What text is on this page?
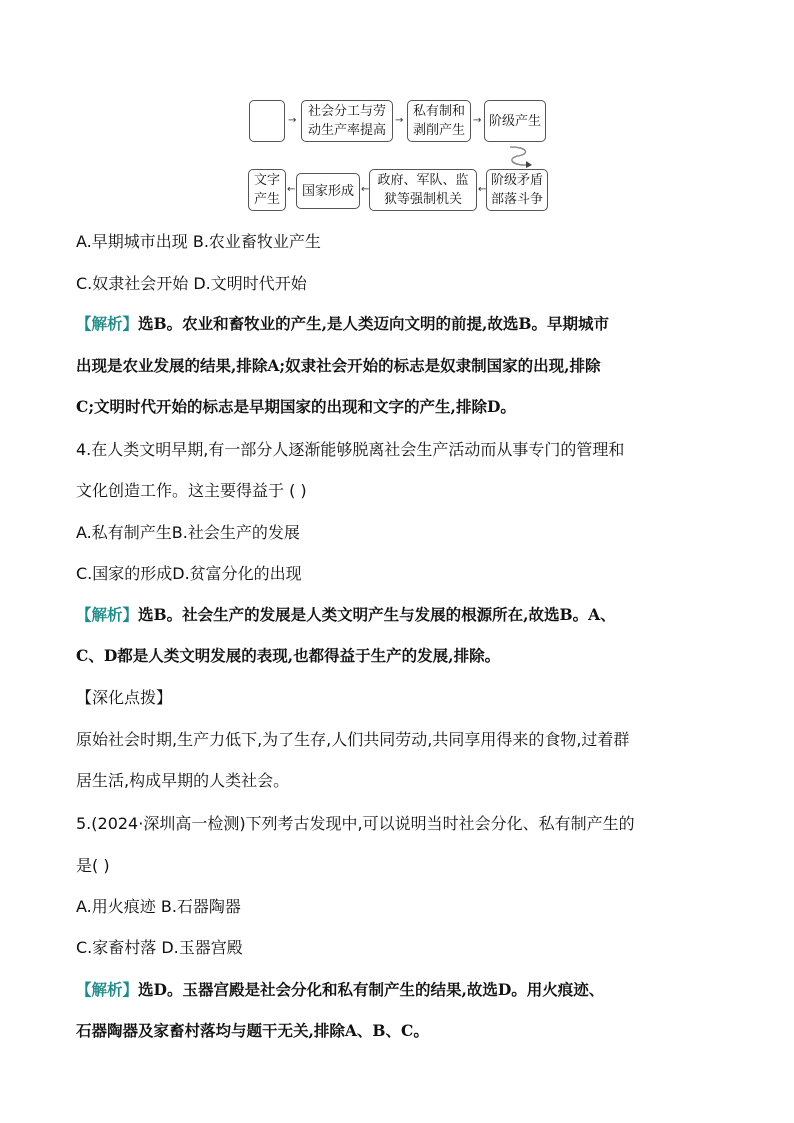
→
社会分工与劳
动生产率提高
→
私有制和
剥削产生
→ 阶级产生
文字
产生
← 国家形成 ←
政府、军队、监
狱等强制机关
←
阶级矛盾
部落斗争
A.早期城市出现 B.农业畜牧业产生
C.奴隶社会开始 D.文明时代开始
【解析】选B。农业和畜牧业的产生,是人类迈向文明的前提,故选B。早期城市
出现是农业发展的结果,排除A;奴隶社会开始的标志是奴隶制国家的出现,排除
C;文明时代开始的标志是早期国家的出现和文字的产生,排除D。
4.在人类文明早期,有一部分人逐渐能够脱离社会生产活动而从事专门的管理和
文化创造工作。这主要得益于 ( )
A.私有制产生B.社会生产的发展
C.国家的形成D.贫富分化的出现
【解析】选B。社会生产的发展是人类文明产生与发展的根源所在,故选B。A、
C、D都是人类文明发展的表现,也都得益于生产的发展,排除。
【深化点拨】
原始社会时期,生产力低下,为了生存,人们共同劳动,共同享用得来的食物,过着群
居生活,构成早期的人类社会。
5.(2024·深圳高一检测)下列考古发现中,可以说明当时社会分化、私有制产生的
是( )
A.用火痕迹 B.石器陶器
C.家畜村落 D.玉器宫殿
【解析】选D。玉器宫殿是社会分化和私有制产生的结果,故选D。用火痕迹、
石器陶器及家畜村落均与题干无关,排除A、B、C。
